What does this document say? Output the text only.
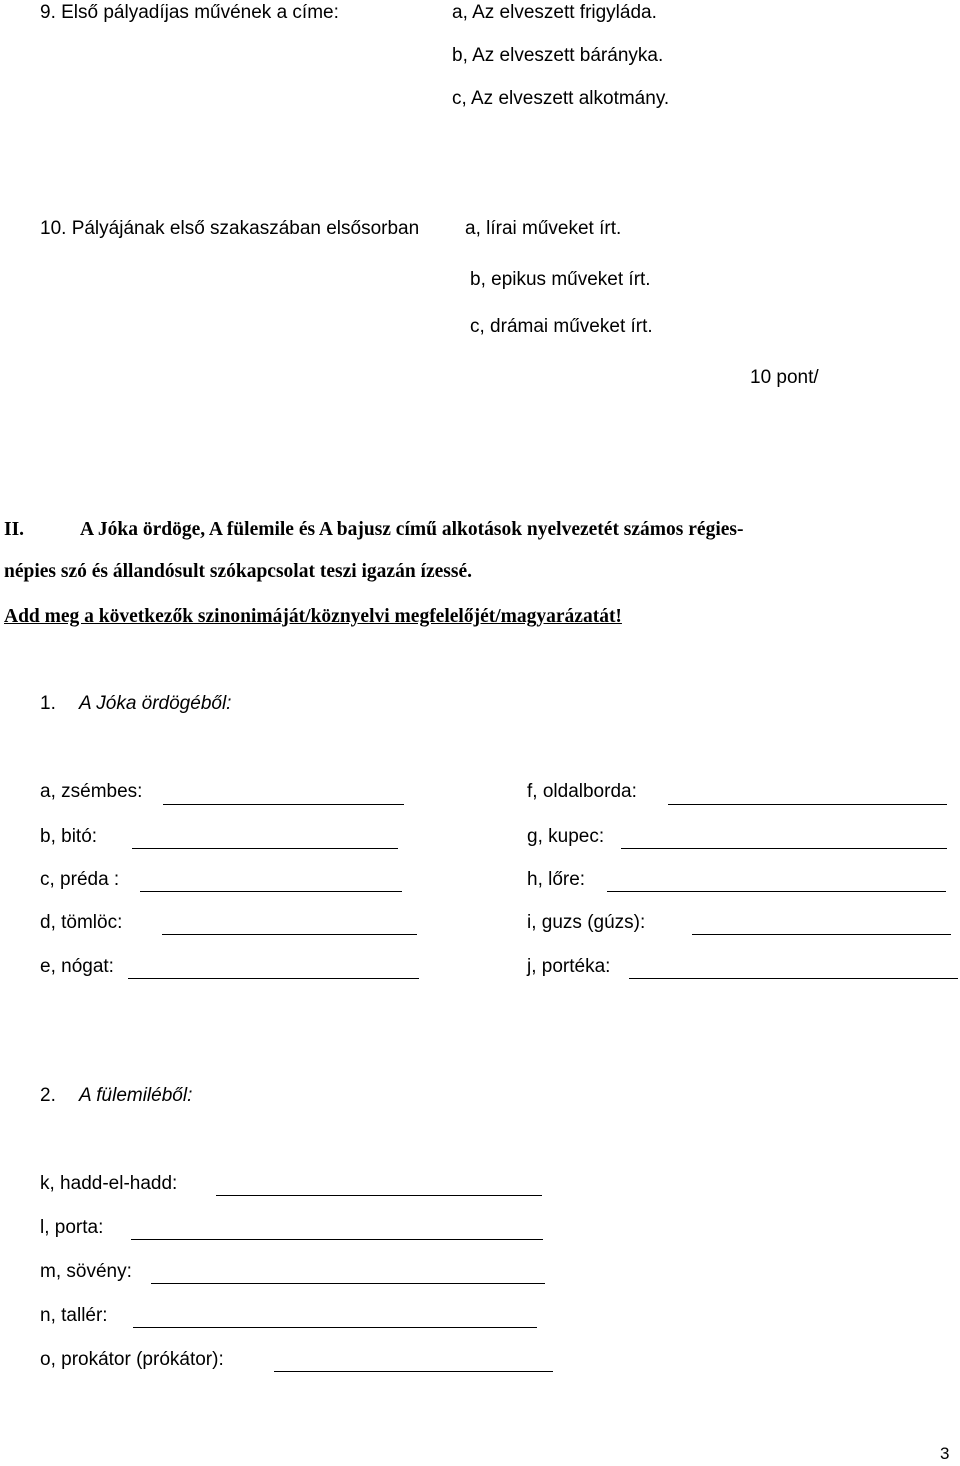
9. Első pályadíjas művének a címe:	a, Az elveszett frigyláda.
b, Az elveszett báránykа.
c, Az elveszett alkotmány.
10. Pályájának első szakaszában elsősorban a, lírai műveket írt.
b, epikus műveket írt.
c, drámai műveket írt.
10 pont/
II.	A Jóka ördöge, A fülemile és A bajusz című alkotások nyelvezetét számos régies-
népies szó és állandósult szókapcsolat teszi igazán ízessé.
Add meg a következők szinonimáját/köznyelvi megfelelőjét/magyarázatát!
1. A Jóka ördögéből:
a, zsémbes:
b, bitó:
c, préda :
d, tömlöc:
e, nógat:
f, oldalborda:
g, kupec:
h, lőre:
i, guzs (gúzs):
j, portéka:
2. A fülemiléből:
k, hadd-el-hadd:
l, porta:
m, sövény:
n, tallér:
o, prokátor (prókátor):
3
